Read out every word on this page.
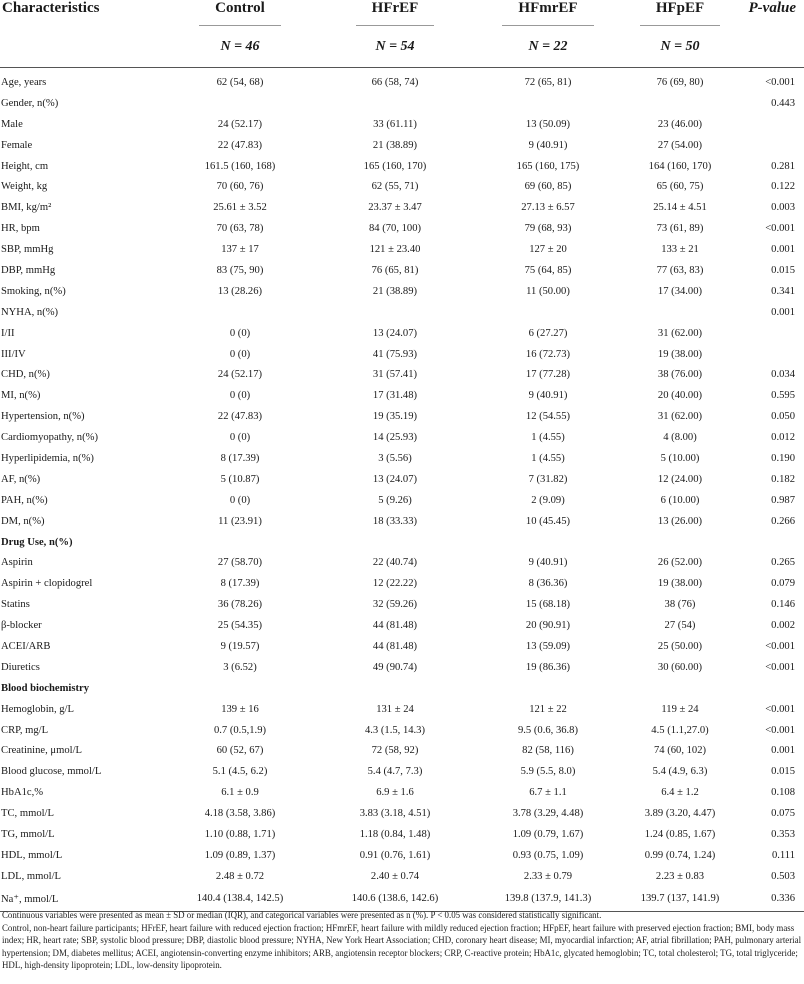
Characteristics	Control	HFrEF	HFmrEF	HFpEF	P-value
	N = 46	N = 54	N = 22	N = 50	
Age, years	62 (54, 68)	66 (58, 74)	72 (65, 81)	76 (69, 80)	<0.001
Gender, n(%)					0.443
Male	24 (52.17)	33 (61.11)	13 (50.09)	23 (46.00)	
Female	22 (47.83)	21 (38.89)	9 (40.91)	27 (54.00)	
Height, cm	161.5 (160, 168)	165 (160, 170)	165 (160, 175)	164 (160, 170)	0.281
Weight, kg	70 (60, 76)	62 (55, 71)	69 (60, 85)	65 (60, 75)	0.122
BMI, kg/m²	25.61 ± 3.52	23.37 ± 3.47	27.13 ± 6.57	25.14 ± 4.51	0.003
HR, bpm	70 (63, 78)	84 (70, 100)	79 (68, 93)	73 (61, 89)	<0.001
SBP, mmHg	137 ± 17	121 ± 23.40	127 ± 20	133 ± 21	0.001
DBP, mmHg	83 (75, 90)	76 (65, 81)	75 (64, 85)	77 (63, 83)	0.015
Smoking, n(%)	13 (28.26)	21 (38.89)	11 (50.00)	17 (34.00)	0.341
NYHA, n(%)					0.001
I/II	0 (0)	13 (24.07)	6 (27.27)	31 (62.00)	
III/IV	0 (0)	41 (75.93)	16 (72.73)	19 (38.00)	
CHD, n(%)	24 (52.17)	31 (57.41)	17 (77.28)	38 (76.00)	0.034
MI, n(%)	0 (0)	17 (31.48)	9 (40.91)	20 (40.00)	0.595
Hypertension, n(%)	22 (47.83)	19 (35.19)	12 (54.55)	31 (62.00)	0.050
Cardiomyopathy, n(%)	0 (0)	14 (25.93)	1 (4.55)	4 (8.00)	0.012
Hyperlipidemia, n(%)	8 (17.39)	3 (5.56)	1 (4.55)	5 (10.00)	0.190
AF, n(%)	5 (10.87)	13 (24.07)	7 (31.82)	12 (24.00)	0.182
PAH, n(%)	0 (0)	5 (9.26)	2 (9.09)	6 (10.00)	0.987
DM, n(%)	11 (23.91)	18 (33.33)	10 (45.45)	13 (26.00)	0.266
Drug Use, n(%)					
Aspirin	27 (58.70)	22 (40.74)	9 (40.91)	26 (52.00)	0.265
Aspirin + clopidogrel	8 (17.39)	12 (22.22)	8 (36.36)	19 (38.00)	0.079
Statins	36 (78.26)	32 (59.26)	15 (68.18)	38 (76)	0.146
β-blocker	25 (54.35)	44 (81.48)	20 (90.91)	27 (54)	0.002
ACEI/ARB	9 (19.57)	44 (81.48)	13 (59.09)	25 (50.00)	<0.001
Diuretics	3 (6.52)	49 (90.74)	19 (86.36)	30 (60.00)	<0.001
Blood biochemistry					
Hemoglobin, g/L	139 ± 16	131 ± 24	121 ± 22	119 ± 24	<0.001
CRP, mg/L	0.7 (0.5,1.9)	4.3 (1.5, 14.3)	9.5 (0.6, 36.8)	4.5 (1.1,27.0)	<0.001
Creatinine, μmol/L	60 (52, 67)	72 (58, 92)	82 (58, 116)	74 (60, 102)	0.001
Blood glucose, mmol/L	5.1 (4.5, 6.2)	5.4 (4.7, 7.3)	5.9 (5.5, 8.0)	5.4 (4.9, 6.3)	0.015
HbA1c,%	6.1 ± 0.9	6.9 ± 1.6	6.7 ± 1.1	6.4 ± 1.2	0.108
TC, mmol/L	4.18 (3.58, 3.86)	3.83 (3.18, 4.51)	3.78 (3.29, 4.48)	3.89 (3.20, 4.47)	0.075
TG, mmol/L	1.10 (0.88, 1.71)	1.18 (0.84, 1.48)	1.09 (0.79, 1.67)	1.24 (0.85, 1.67)	0.353
HDL, mmol/L	1.09 (0.89, 1.37)	0.91 (0.76, 1.61)	0.93 (0.75, 1.09)	0.99 (0.74, 1.24)	0.111
LDL, mmol/L	2.48 ± 0.72	2.40 ± 0.74	2.33 ± 0.79	2.23 ± 0.83	0.503
Na⁺, mmol/L	140.4 (138.4, 142.5)	140.6 (138.6, 142.6)	139.8 (137.9, 141.3)	139.7 (137, 141.9)	0.336

Continuous variables were presented as mean ± SD or median (IQR), and categorical variables were presented as n (%). P < 0.05 was considered statistically significant.

Control, non-heart failure participants; HFrEF, heart failure with reduced ejection fraction; HFmrEF, heart failure with mildly reduced ejection fraction; HFpEF, heart failure with preserved ejection fraction; BMI, body mass index; HR, heart rate; SBP, systolic blood pressure; DBP, diastolic blood pressure; NYHA, New York Heart Association; CHD, coronary heart disease; MI, myocardial infarction; AF, atrial fibrillation; PAH, pulmonary arterial hypertension; DM, diabetes mellitus; ACEI, angiotensin-converting enzyme inhibitors; ARB, angiotensin receptor blockers; CRP, C-reactive protein; HbA1c, glycated hemoglobin; TC, total cholesterol; TG, total triglyceride; HDL, high-density lipoprotein; LDL, low-density lipoprotein.
